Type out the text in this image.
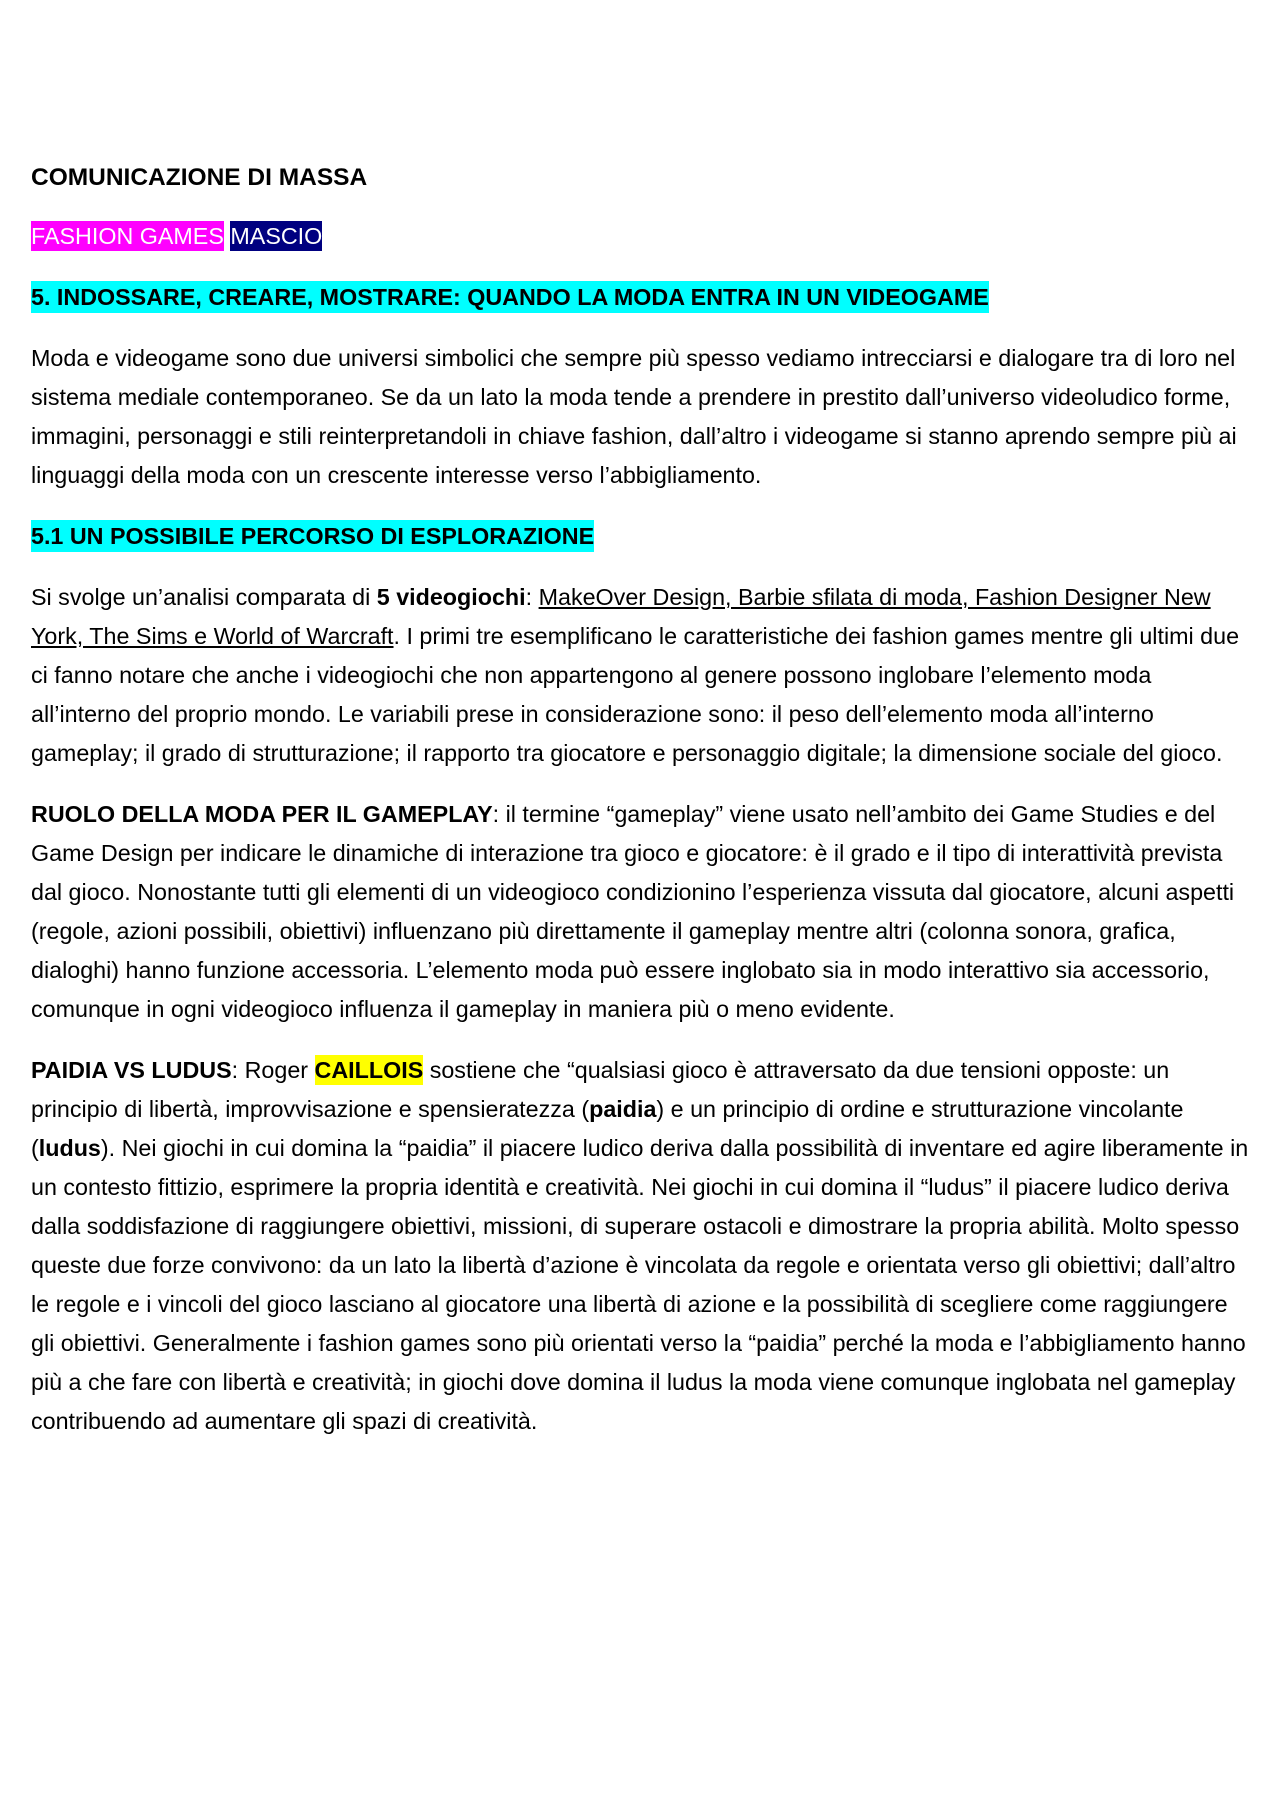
COMUNICAZIONE DI MASSA
FASHION GAMES MASCIO
5. INDOSSARE, CREARE, MOSTRARE: QUANDO LA MODA ENTRA IN UN VIDEOGAME

Moda e videogame sono due universi simbolici che sempre più spesso vediamo intrecciarsi e dialogare tra di loro nel sistema mediale contemporaneo. Se da un lato la moda tende a prendere in prestito dall’universo videoludico forme, immagini, personaggi e stili reinterpretandoli in chiave fashion, dall’altro i videogame si stanno aprendo sempre più ai linguaggi della moda con un crescente interesse verso l’abbigliamento.

5.1 UN POSSIBILE PERCORSO DI ESPLORAZIONE

Si svolge un’analisi comparata di 5 videogiochi: MakeOver Design, Barbie sfilata di moda, Fashion Designer New York, The Sims e World of Warcraft. I primi tre esemplificano le caratteristiche dei fashion games mentre gli ultimi due ci fanno notare che anche i videogiochi che non appartengono al genere possono inglobare l’elemento moda all’interno del proprio mondo. Le variabili prese in considerazione sono: il peso dell’elemento moda all’interno gameplay; il grado di strutturazione; il rapporto tra giocatore e personaggio digitale; la dimensione sociale del gioco.

RUOLO DELLA MODA PER IL GAMEPLAY: il termine “gameplay” viene usato nell’ambito dei Game Studies e del Game Design per indicare le dinamiche di interazione tra gioco e giocatore: è il grado e il tipo di interattività prevista dal gioco. Nonostante tutti gli elementi di un videogioco condizionino l’esperienza vissuta dal giocatore, alcuni aspetti (regole, azioni possibili, obiettivi) influenzano più direttamente il gameplay mentre altri (colonna sonora, grafica, dialoghi) hanno funzione accessoria. L’elemento moda può essere inglobato sia in modo interattivo sia accessorio, comunque in ogni videogioco influenza il gameplay in maniera più o meno evidente.

PAIDIA VS LUDUS: Roger CAILLOIS sostiene che “qualsiasi gioco è attraversato da due tensioni opposte: un principio di libertà, improvvisazione e spensieratezza (paidia) e un principio di ordine e strutturazione vincolante (ludus). Nei giochi in cui domina la “paidia” il piacere ludico deriva dalla possibilità di inventare ed agire liberamente in un contesto fittizio, esprimere la propria identità e creatività. Nei giochi in cui domina il “ludus” il piacere ludico deriva dalla soddisfazione di raggiungere obiettivi, missioni, di superare ostacoli e dimostrare la propria abilità. Molto spesso queste due forze convivono: da un lato la libertà d’azione è vincolata da regole e orientata verso gli obiettivi; dall’altro le regole e i vincoli del gioco lasciano al giocatore una libertà di azione e la possibilità di scegliere come raggiungere gli obiettivi. Generalmente i fashion games sono più orientati verso la “paidia” perché la moda e l’abbigliamento hanno più a che fare con libertà e creatività; in giochi dove domina il ludus la moda viene comunque inglobata nel gameplay contribuendo ad aumentare gli spazi di creatività.
